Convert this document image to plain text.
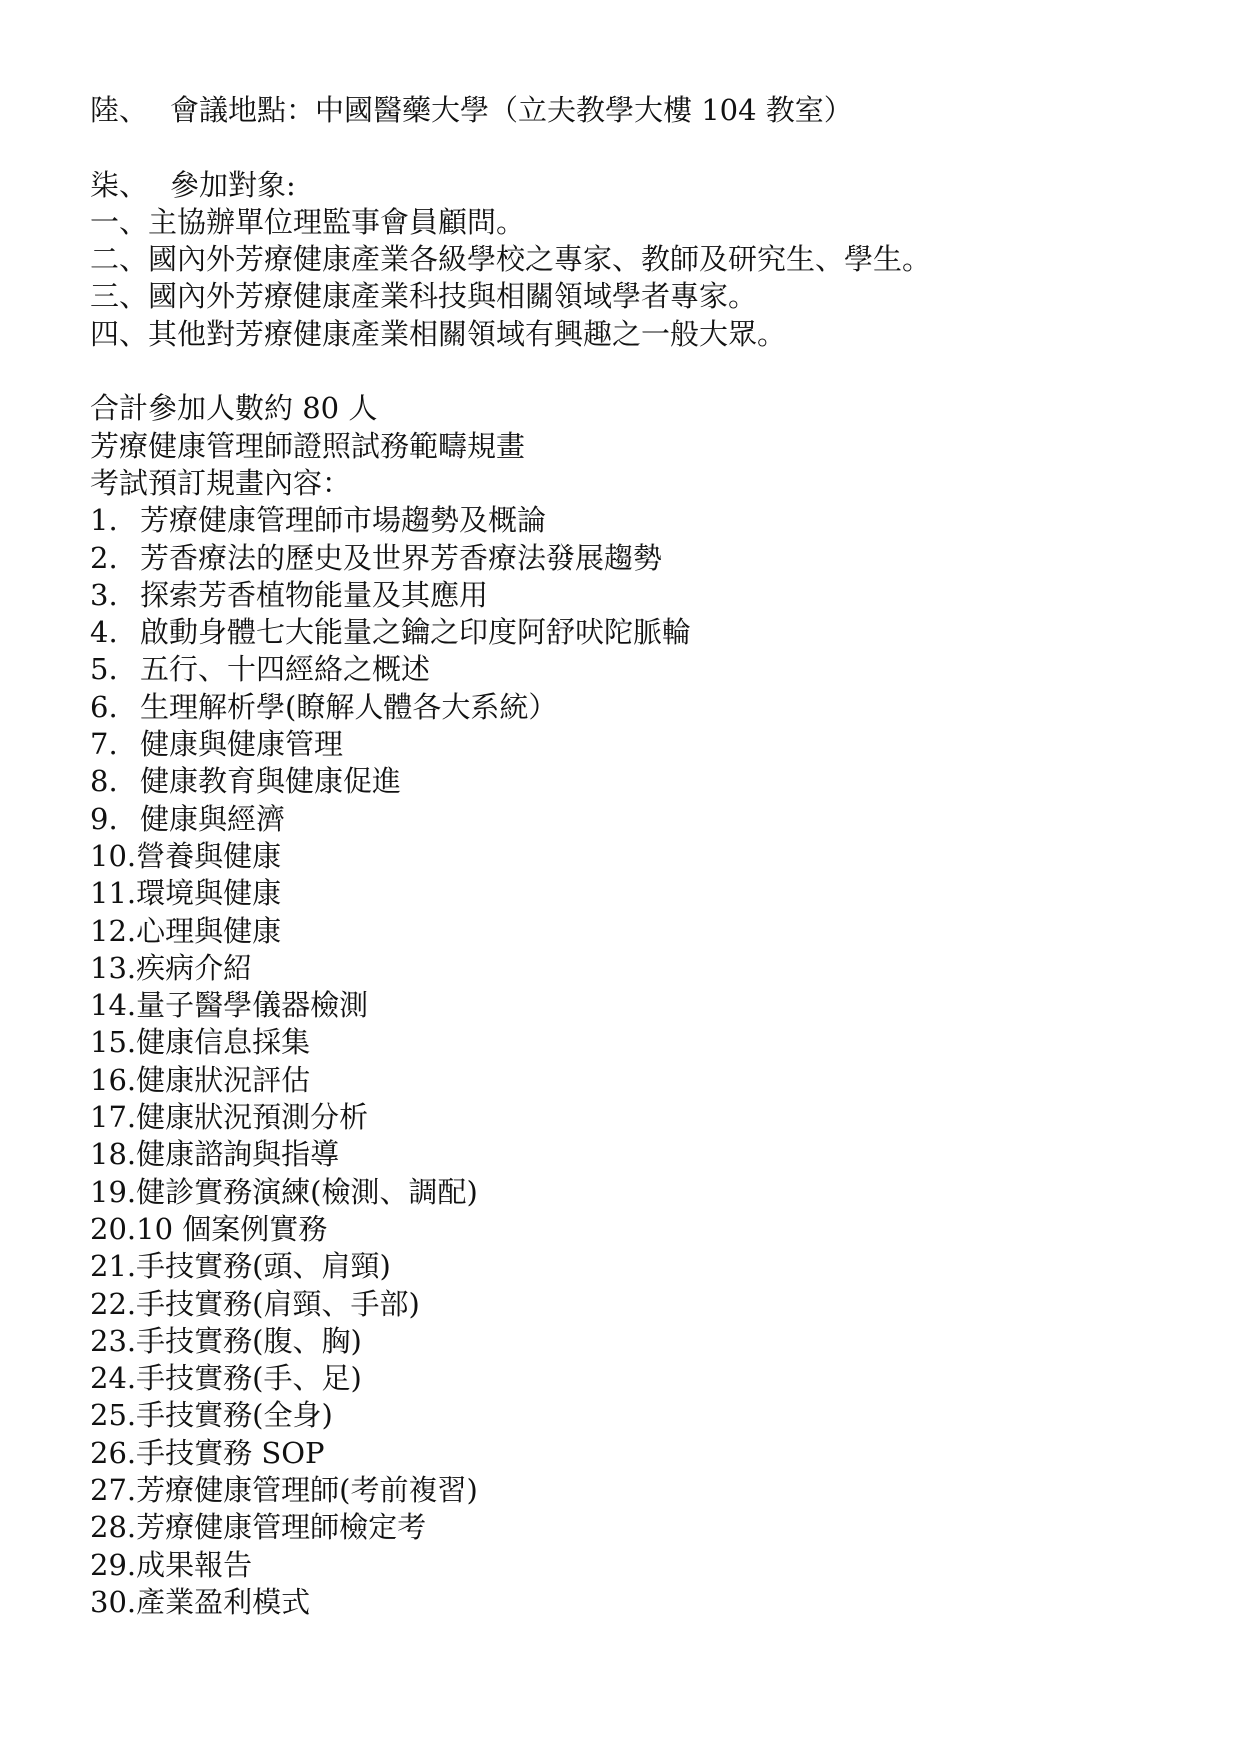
陸、 會議地點：中國醫藥大學（立夫教學大樓 104 教室）
柒、 參加對象:
一、主協辦單位理監事會員顧問。
二、國內外芳療健康產業各級學校之專家、教師及研究生、學生。
三、國內外芳療健康產業科技與相關領域學者專家。
四、其他對芳療健康產業相關領域有興趣之一般大眾。
合計參加人數約 80 人
芳療健康管理師證照試務範疇規畫
考試預訂規畫內容：
1. 芳療健康管理師市場趨勢及概論
2. 芳香療法的歷史及世界芳香療法發展趨勢
3. 探索芳香植物能量及其應用
4. 啟動身體七大能量之鑰之印度阿舒吠陀脈輪
5. 五行、十四經絡之概述
6. 生理解析學(瞭解人體各大系統）
7. 健康與健康管理
8. 健康教育與健康促進
9. 健康與經濟
10.營養與健康
11.環境與健康
12.心理與健康
13.疾病介紹
14.量子醫學儀器檢測
15.健康信息採集
16.健康狀況評估
17.健康狀況預測分析
18.健康諮詢與指導
19.健診實務演練(檢測、調配)
20.10 個案例實務
21.手技實務(頭、肩頸)
22.手技實務(肩頸、手部)
23.手技實務(腹、胸)
24.手技實務(手、足)
25.手技實務(全身)
26.手技實務 SOP
27.芳療健康管理師(考前複習)
28.芳療健康管理師檢定考
29.成果報告
30.產業盈利模式
